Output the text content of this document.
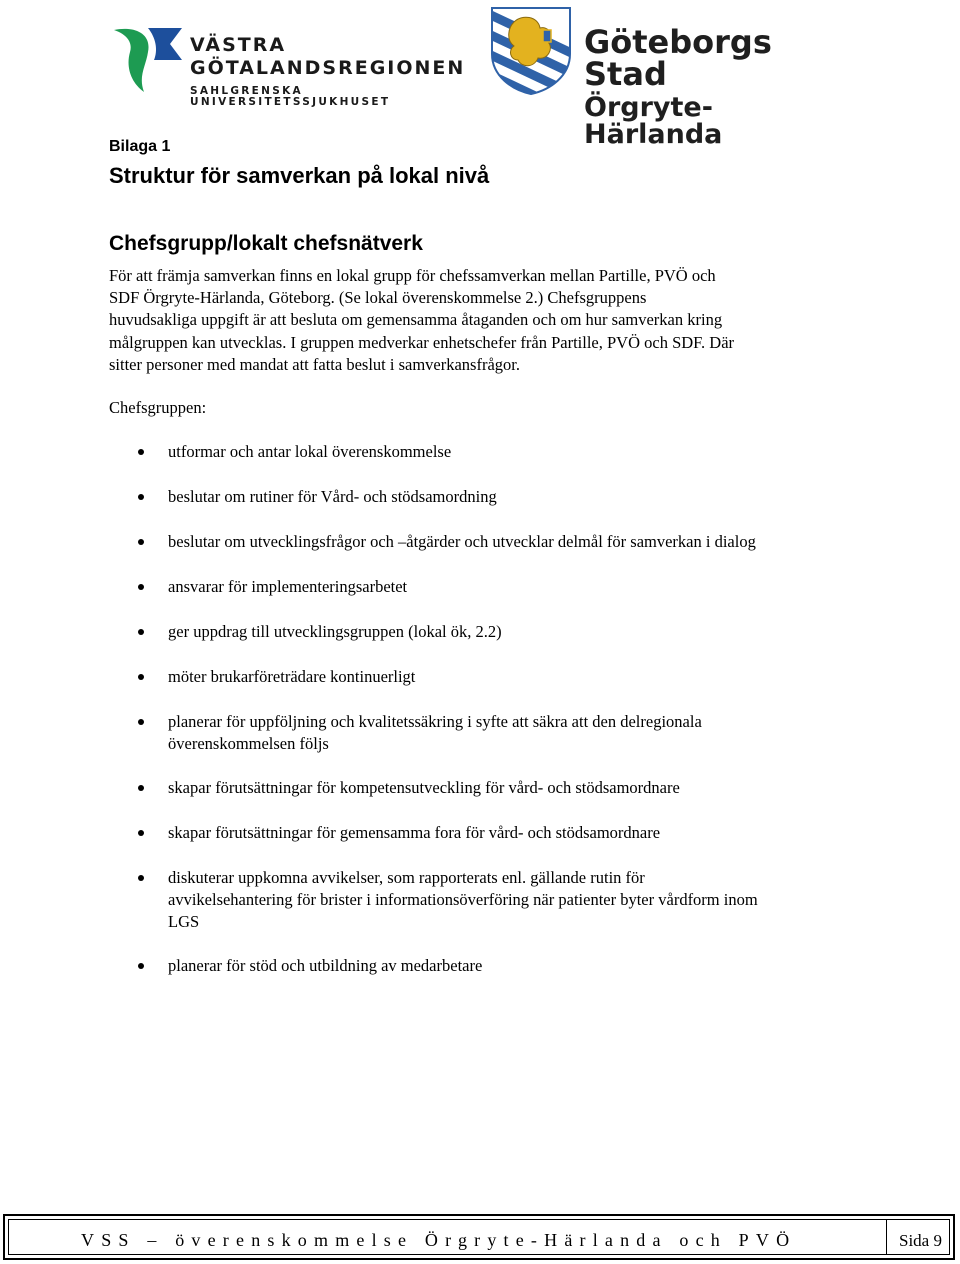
VÄSTRA
GÖTALANDSREGIONEN
SAHLGRENSKA UNIVERSITETSSJUKHUSET
Göteborgs Stad
Örgryte-Härlanda
Bilaga 1
Struktur för samverkan på lokal nivå
Chefsgrupp/lokalt chefsnätverk
För att främja samverkan finns en lokal grupp för chefssamverkan mellan Partille, PVÖ och
SDF Örgryte-Härlanda, Göteborg. (Se lokal överenskommelse 2.) Chefsgruppens
huvudsakliga uppgift är att besluta om gemensamma åtaganden och om hur samverkan kring
målgruppen kan utvecklas. I gruppen medverkar enhetschefer från Partille, PVÖ och SDF. Där
sitter personer med mandat att fatta beslut i samverkansfrågor.
Chefsgruppen:
utformar och antar lokal överenskommelse
beslutar om rutiner för Vård- och stödsamordning
beslutar om utvecklingsfrågor och –åtgärder och utvecklar delmål för samverkan i dialog
ansvarar för implementeringsarbetet
ger uppdrag till utvecklingsgruppen (lokal ök, 2.2)
möter brukarföreträdare kontinuerligt
planerar för uppföljning och kvalitetssäkring i syfte att säkra att den delregionala
överenskommelsen följs
skapar förutsättningar för kompetensutveckling för vård- och stödsamordnare
skapar förutsättningar för gemensamma fora för vård- och stödsamordnare
diskuterar uppkomna avvikelser, som rapporterats enl. gällande rutin för
avvikelsehantering för brister i informationsöverföring när patienter byter vårdform inom
LGS
planerar för stöd och utbildning av medarbetare
VSS – överenskommelse Örgryte-Härlanda och PVÖ	Sida 9
